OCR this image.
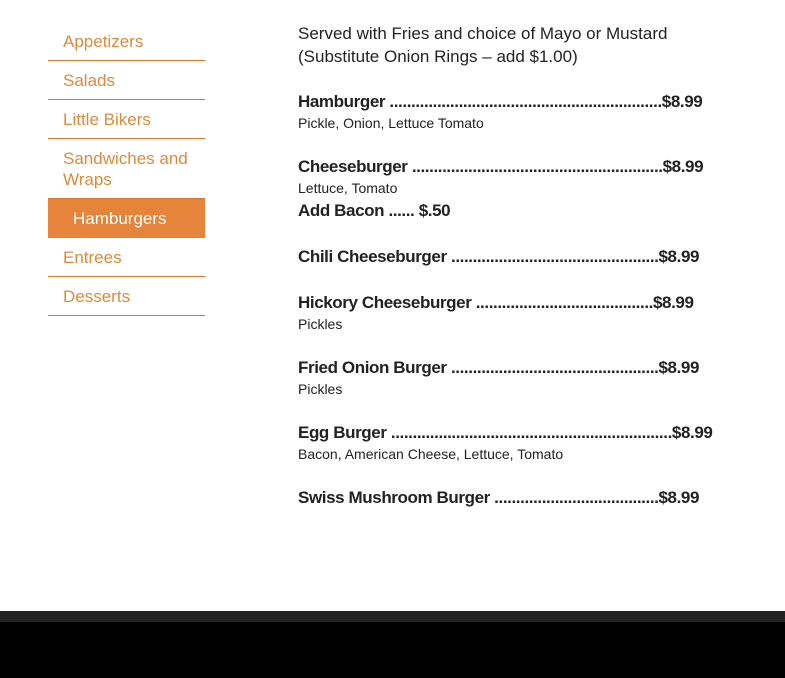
Appetizers
Salads
Little Bikers
Sandwiches and Wraps
Hamburgers
Entrees
Desserts
Served with Fries and choice of Mayo or Mustard
(Substitute Onion Rings – add $1.00)
Hamburger ...............................................................$8.99
Pickle, Onion, Lettuce Tomato
Cheeseburger ..........................................................$8.99
Lettuce, Tomato
Add Bacon ...... $.50
Chili Cheeseburger ................................................$8.99
Hickory Cheeseburger .........................................$8.99
Pickles
Fried Onion Burger ................................................$8.99
Pickles
Egg Burger .................................................................$8.99
Bacon, American Cheese, Lettuce, Tomato
Swiss Mushroom Burger ......................................$8.99
